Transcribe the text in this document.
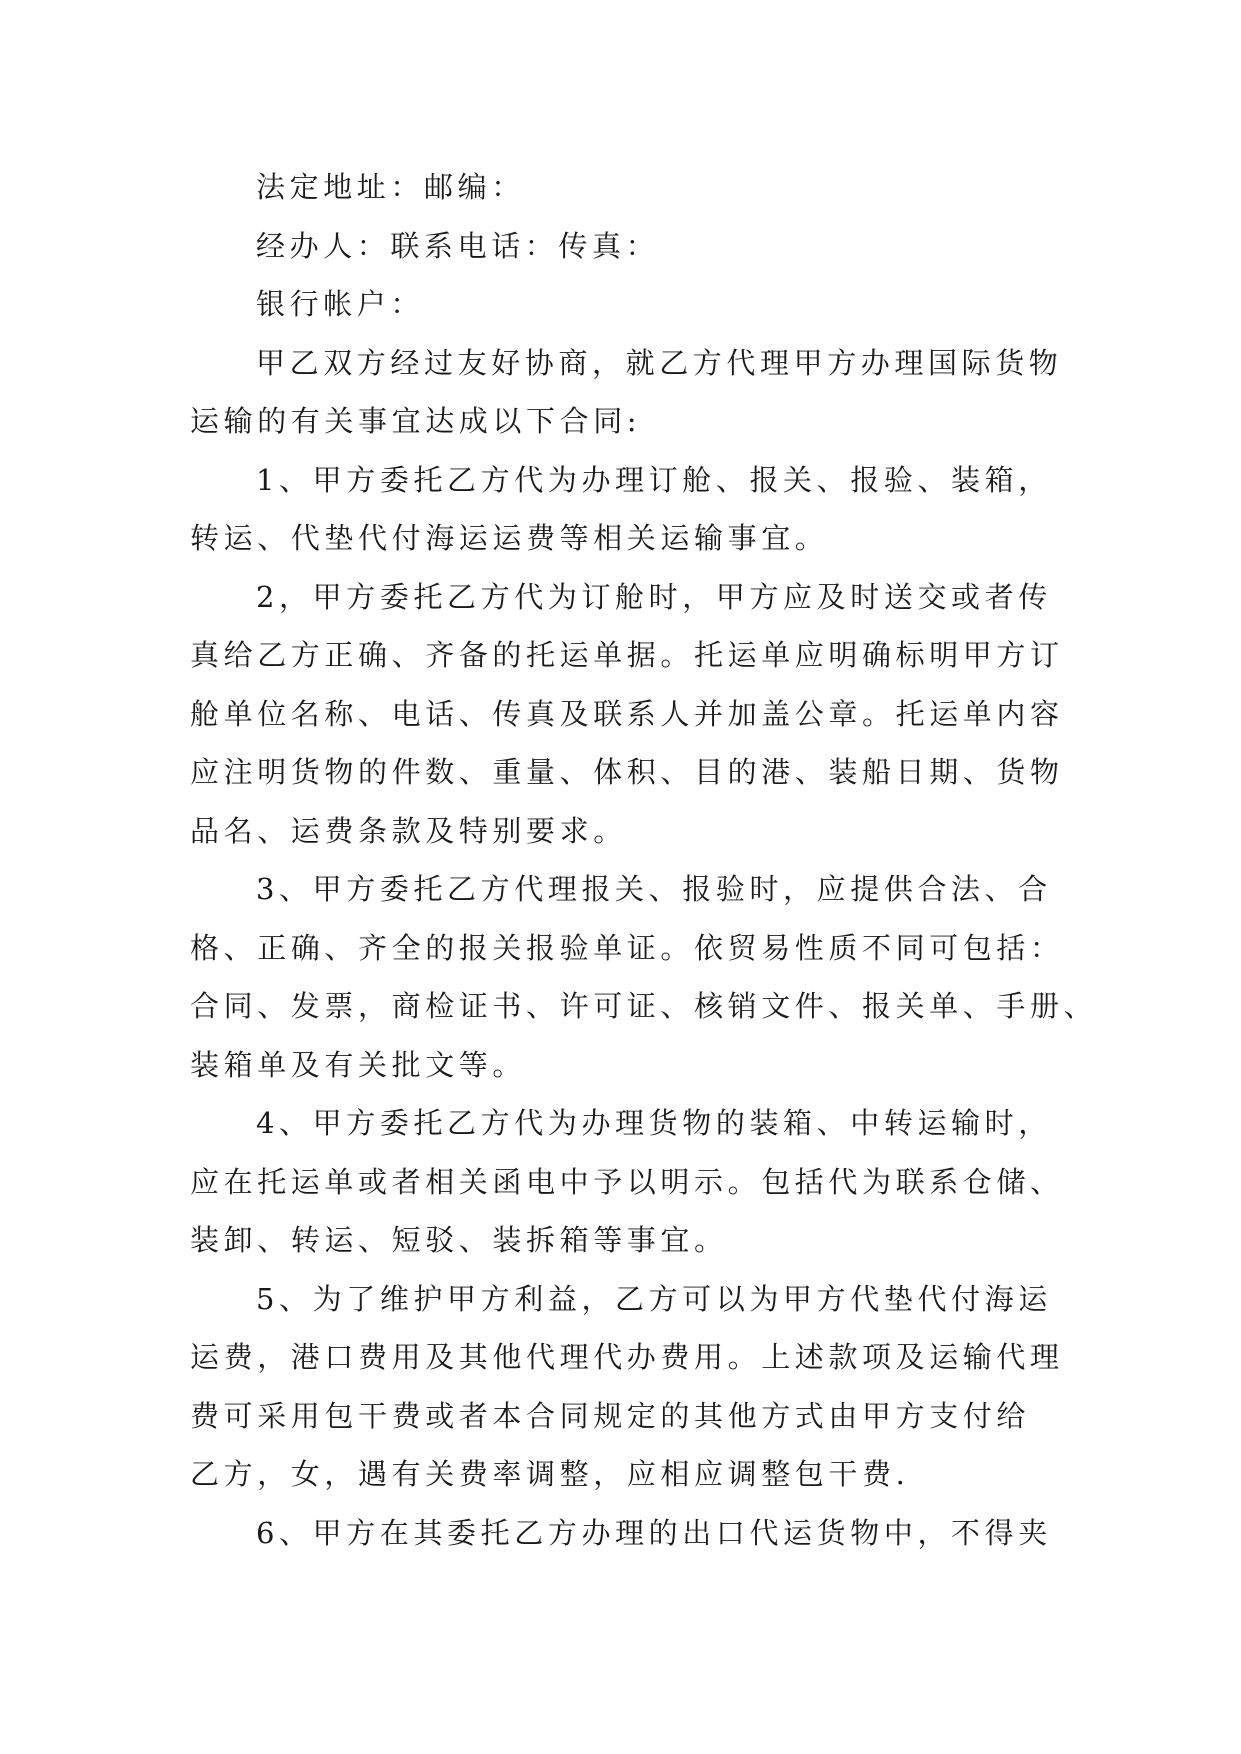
法定地址：邮编：
经办人：联系电话：传真：
银行帐户：
甲乙双方经过友好协商，就乙方代理甲方办理国际货物
运输的有关事宜达成以下合同:
1、甲方委托乙方代为办理订舱、报关、报验、装箱，
转运、代垫代付海运运费等相关运输事宜。
2，甲方委托乙方代为订舱时，甲方应及时送交或者传
真给乙方正确、齐备的托运单据。托运单应明确标明甲方订
舱单位名称、电话、传真及联系人并加盖公章。托运单内容
应注明货物的件数、重量、体积、目的港、装船日期、货物
品名、运费条款及特别要求。
3、甲方委托乙方代理报关、报验时，应提供合法、合
格、正确、齐全的报关报验单证。依贸易性质不同可包括：
合同、发票，商检证书、许可证、核销文件、报关单、手册、
装箱单及有关批文等。
4、甲方委托乙方代为办理货物的装箱、中转运输时，
应在托运单或者相关函电中予以明示。包括代为联系仓储、
装卸、转运、短驳、装拆箱等事宜。
5、为了维护甲方利益，乙方可以为甲方代垫代付海运
运费，港口费用及其他代理代办费用。上述款项及运输代理
费可采用包干费或者本合同规定的其他方式由甲方支付给
乙方，女，遇有关费率调整，应相应调整包干费.
6、甲方在其委托乙方办理的出口代运货物中，不得夹
